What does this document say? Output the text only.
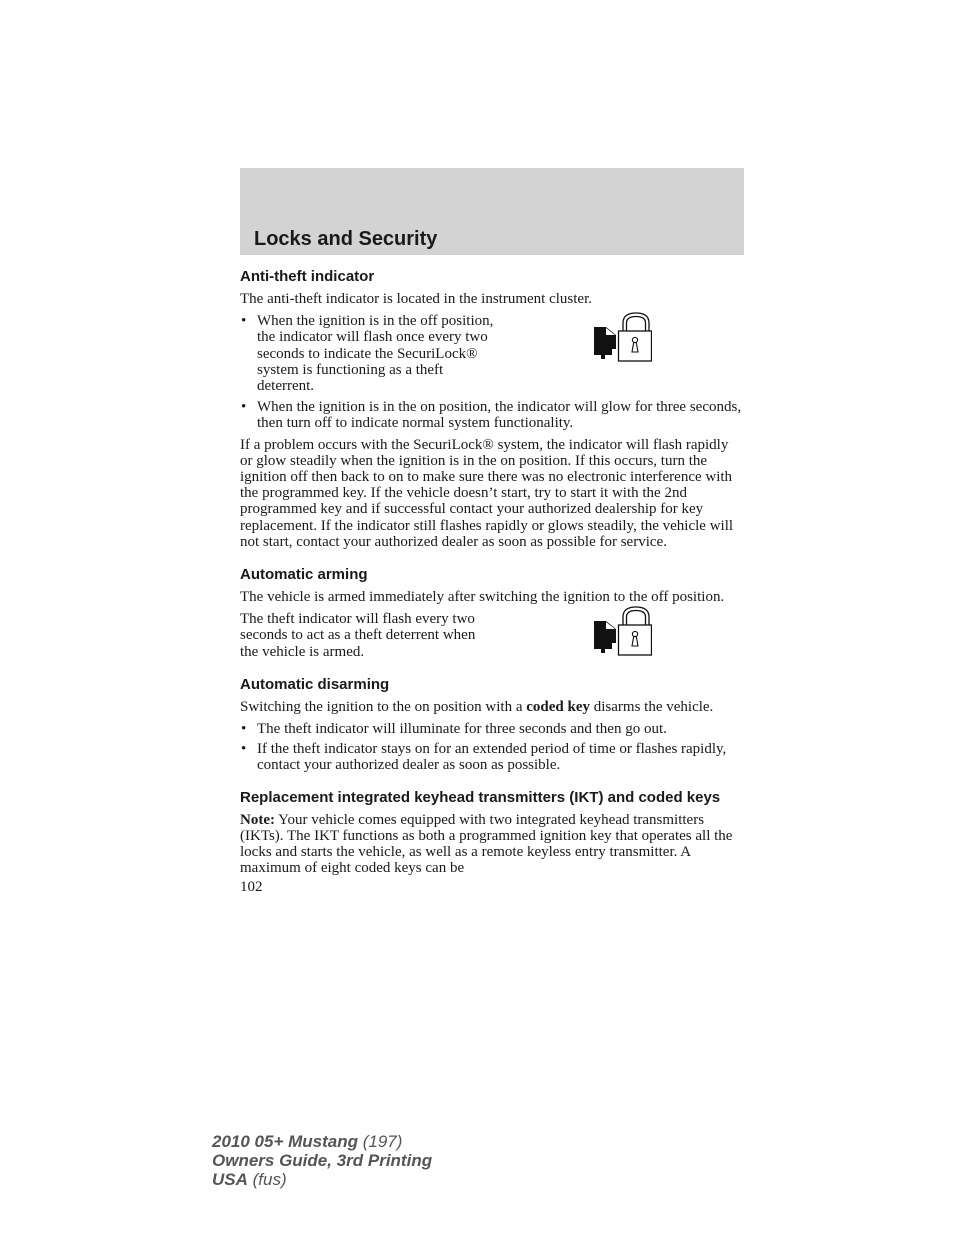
Locks and Security
Anti-theft indicator

The anti-theft indicator is located in the instrument cluster.

• When the ignition is in the off position, the indicator will flash once every two seconds to indicate the SecuriLock® system is functioning as a theft deterrent.
• When the ignition is in the on position, the indicator will glow for three seconds, then turn off to indicate normal system functionality.

If a problem occurs with the SecuriLock® system, the indicator will flash rapidly or glow steadily when the ignition is in the on position. If this occurs, turn the ignition off then back to on to make sure there was no electronic interference with the programmed key. If the vehicle doesn’t start, try to start it with the 2nd programmed key and if successful contact your authorized dealership for key replacement. If the indicator still flashes rapidly or glows steadily, the vehicle will not start, contact your authorized dealer as soon as possible for service.

Automatic arming

The vehicle is armed immediately after switching the ignition to the off position.

The theft indicator will flash every two seconds to act as a theft deterrent when the vehicle is armed.

Automatic disarming

Switching the ignition to the on position with a coded key disarms the vehicle.

• The theft indicator will illuminate for three seconds and then go out.
• If the theft indicator stays on for an extended period of time or flashes rapidly, contact your authorized dealer as soon as possible.
Replacement integrated keyhead transmitters (IKT) and coded keys

Note: Your vehicle comes equipped with two integrated keyhead transmitters (IKTs). The IKT functions as both a programmed ignition key that operates all the locks and starts the vehicle, as well as a remote keyless entry transmitter. A maximum of eight coded keys can be

102
2010 05+ Mustang (197)
Owners Guide, 3rd Printing
USA (fus)
